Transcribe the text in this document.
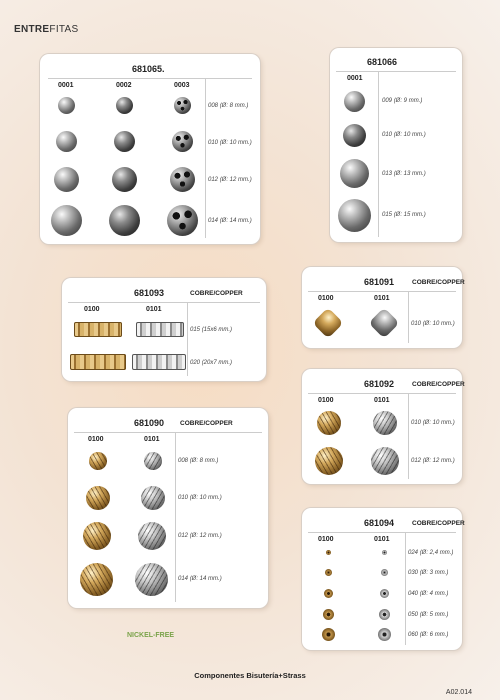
ENTREFITAS
681065.
0001	0002	0003
008 (Ø: 8 mm.)
010 (Ø: 10 mm.)
012 (Ø: 12 mm.)
014 (Ø: 14 mm.)
681066
0001
009 (Ø: 9 mm.)
010 (Ø: 10 mm.)
013 (Ø: 13 mm.)
015 (Ø: 15 mm.)
681093	COBRE/COPPER
0100	0101
015 (15x6 mm.)
020 (20x7 mm.)
681091	COBRE/COPPER
0100	0101
010 (Ø: 10 mm.)
681092	COBRE/COPPER
0100	0101
010 (Ø: 10 mm.)
012 (Ø: 12 mm.)
681090 COBRE/COPPER
0100	0101
008 (Ø: 8 mm.)
010 (Ø: 10 mm.)
012 (Ø: 12 mm.)
014 (Ø: 14 mm.)
681094	COBRE/COPPER
0100	0101
024 (Ø: 2,4 mm.)
030 (Ø: 3 mm.)
040 (Ø: 4 mm.)
050 (Ø: 5 mm.)
060 (Ø: 6 mm.)
NICKEL-FREE
Componentes Bisutería+Strass
A02.014
